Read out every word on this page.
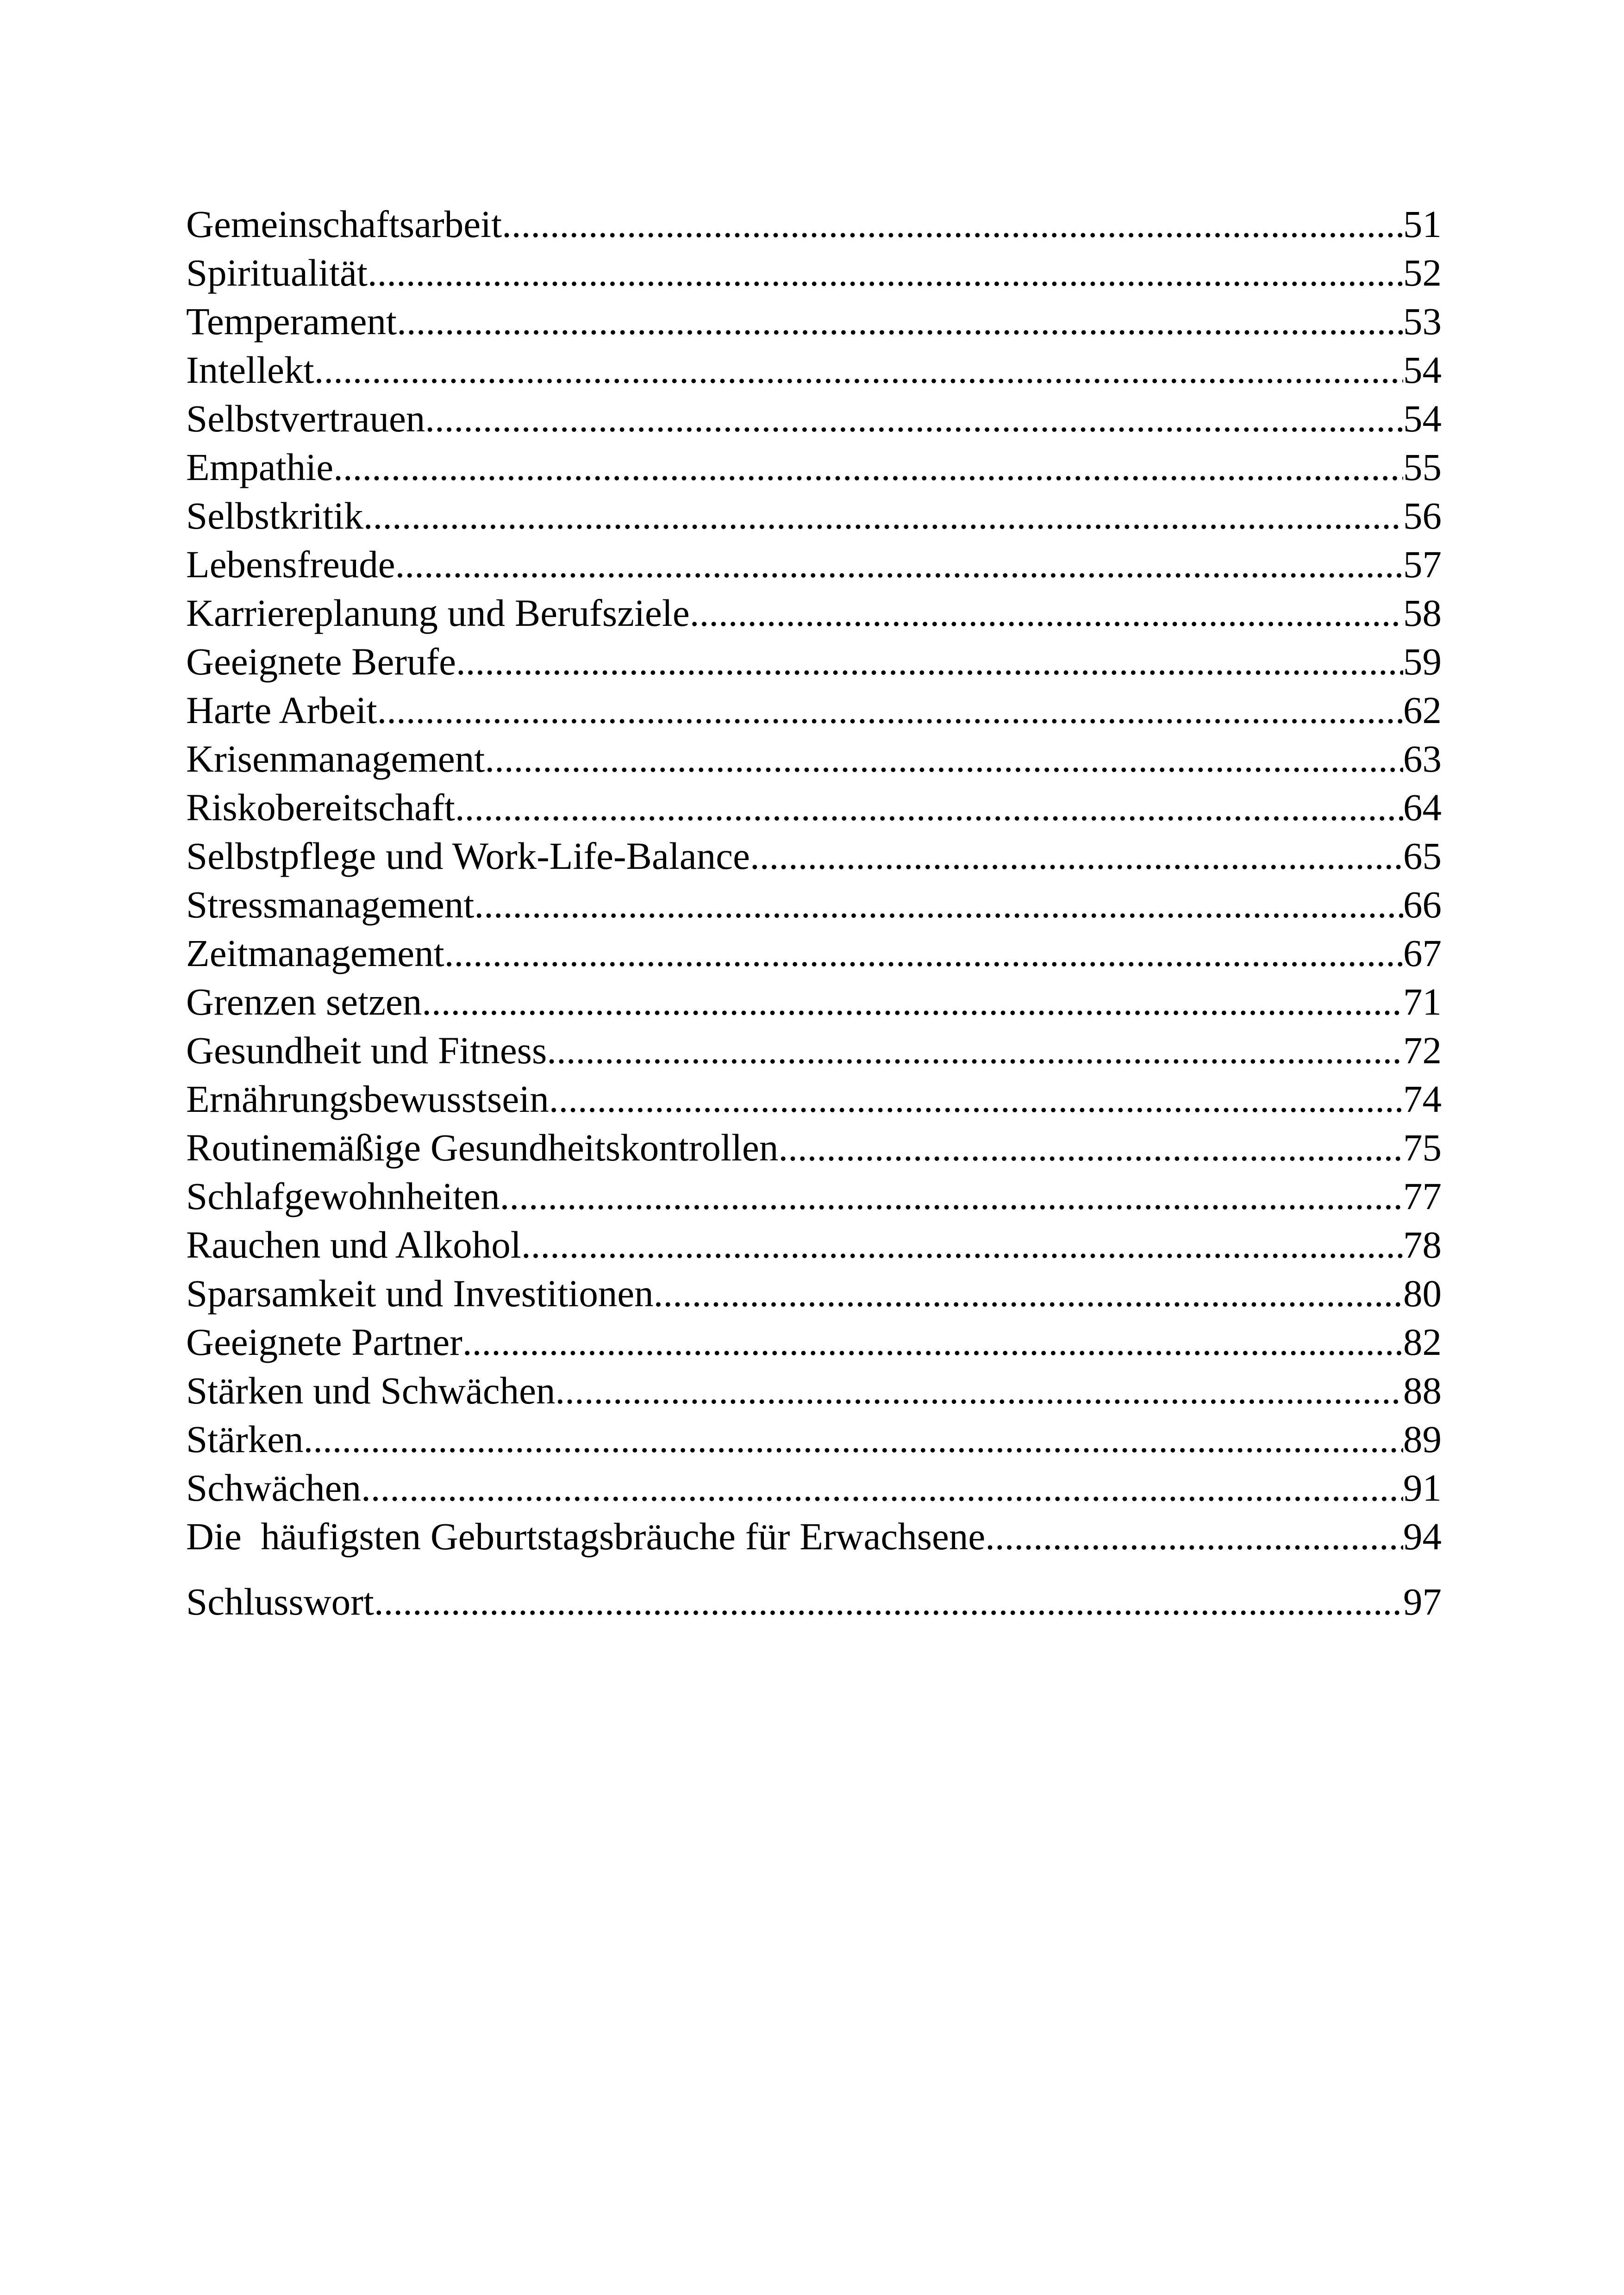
Gemeinschaftsarbeit .....	51
Spiritualität .....	52
Temperament .....	53
Intellekt .....	54
Selbstvertrauen .....	54
Empathie .....	55
Selbstkritik .....	56
Lebensfreude .....	57
Karriereplanung und Berufsziele .....	58
Geeignete Berufe .....	59
Harte Arbeit .....	62
Krisenmanagement .....	63
Riskobereitschaft .....	64
Selbstpflege und Work-Life-Balance .....	65
Stressmanagement .....	66
Zeitmanagement .....	67
Grenzen setzen .....	71
Gesundheit und Fitness .....	72
Ernährungsbewusstsein .....	74
Routinemäßige Gesundheitskontrollen .....	75
Schlafgewohnheiten .....	77
Rauchen und Alkohol .....	78
Sparsamkeit und Investitionen .....	80
Geeignete Partner .....	82
Stärken und Schwächen .....	88
Stärken .....	89
Schwächen .....	91
Die  häufigsten Geburtstagsbräuche für Erwachsene .....	94
Schlusswort .....	97
